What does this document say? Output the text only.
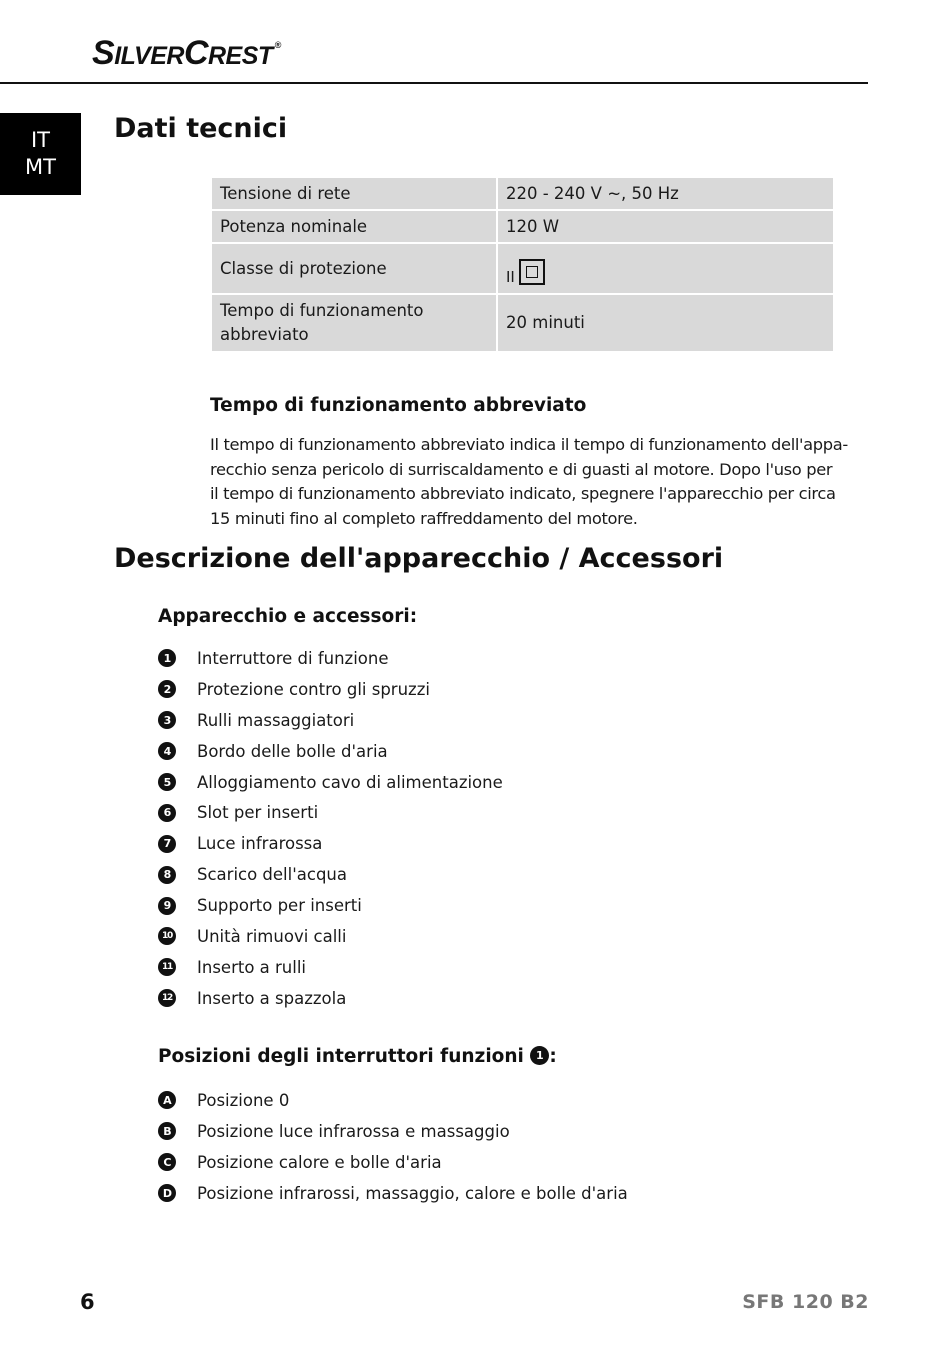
SILVERCREST ®
IT
MT
Dati tecnici
Tensione di rete	220 - 240 V ~, 50 Hz
Potenza nominale	120 W
Classe di protezione	II

Tempo di funzionamento abbreviato	20 minuti
Tempo di funzionamento abbreviato

Il tempo di funzionamento abbreviato indica il tempo di funzionamento dell'appa-
recchio senza pericolo di surriscaldamento e di guasti al motore. Dopo l'uso per
il tempo di funzionamento abbreviato indicato, spegnere l'apparecchio per circa
15 minuti fino al completo raffreddamento del motore.

Descrizione dell'apparecchio / Accessori
Apparecchio e accessori:
1	Interruttore di funzione
2	Protezione contro gli spruzzi
3	Rulli massaggiatori
4	Bordo delle bolle d'aria
5	Alloggiamento cavo di alimentazione
6	Slot per inserti
7	Luce infrarossa
8	Scarico dell'acqua
9	Supporto per inserti
10 Unità rimuovi calli
11 Inserto a rulli
12 Inserto a spazzola
Posizioni degli interruttori funzioni 1 :
A	Posizione 0
B	Posizione luce infrarossa e massaggio
C	Posizione calore e bolle d'aria
D Posizione infrarossi, massaggio, calore e bolle d'aria
6	SFB 120 B2
